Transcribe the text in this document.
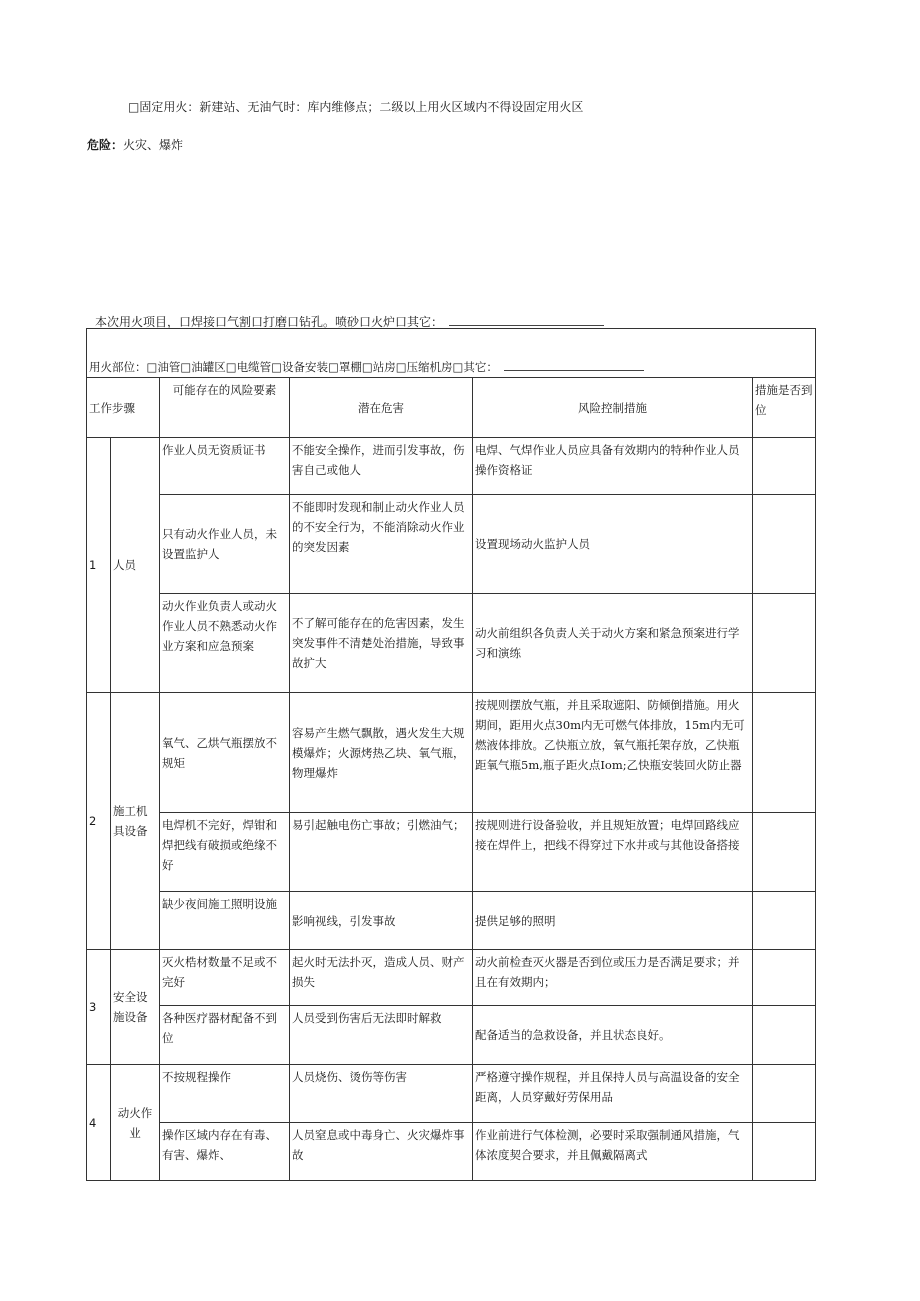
□固定用火：新建站、无油气时：库内维修点；二级以上用火区域内不得设固定用火区
危险：火灾、爆炸
本次用火项目，口焊接口气割口打磨口钻孔。喷砂口火炉口其它：
用火部位：□油管□油罐区□电缆管□设备安装□罩棚□站房□压缩机房□其它：					
工作步骤		可能存在的风险要素	潜在危害	风险控制措施	措施是否到位
1	人员	作业人员无资质证书	不能安全操作，进而引发事故，伤害自己或他人	电焊、气焊作业人员应具备有效期内的特种作业人员操作资格证	
		只有动火作业人员，未设置监护人	不能即时发现和制止动火作业人员的不安全行为，不能消除动火作业的突发因素	设置现场动火监护人员	
		动火作业负责人或动火作业人员不熟悉动火作业方案和应急预案	不了解可能存在的危害因素，发生突发事件不清楚处治措施，导致事故扩大	动火前组织各负责人关于动火方案和紧急预案进行学习和演练	
2	施工机具设备	氧气、乙烘气瓶摆放不规矩	容易产生燃气飘散，遇火发生大规模爆炸；火源烤热乙块、氧气瓶，物理爆炸	按规则摆放气瓶，并且采取遮阳、防倾倒措施。用火期间，距用火点30m内无可燃气体排放，15m内无可燃液体排放。乙快瓶立放，氧气瓶托架存放，乙快瓶距氧气瓶5m,瓶子距火点Iom;乙快瓶安装回火防止器	
		电焊机不完好，焊钳和焊把线有破损或绝缘不好	易引起触电伤亡事故；引燃油气；	按规则进行设备验收，并且规矩放置；电焊回路线应接在焊件上，把线不得穿过下水井或与其他设备搭接	
		缺少夜间施工照明设施	影响视线，引发事故	提供足够的照明	
3	安全设施设备	灭火梏材数量不足或不完好	起火时无法扑灭，造成人员、财产损失	动火前检查灭火器是否到位或压力是否满足要求；并且在有效期内；	
		各种医疗器材配备不到位	人员受到伤害后无法即时解救	配备适当的急救设备，并且状态良好。	
4	动火作业	不按规程操作	人员烧伤、烫伤等伤害	严格遵守操作规程，并且保持人员与高温设备的安全距离，人员穿戴好劳保用品	
		操作区域内存在有毒、有害、爆炸、	人员窒息或中毒身亡、火灾爆炸事故	作业前进行气体检测，必要时采取强制通风措施，气体浓度契合要求，并且佩戴隔离式	
